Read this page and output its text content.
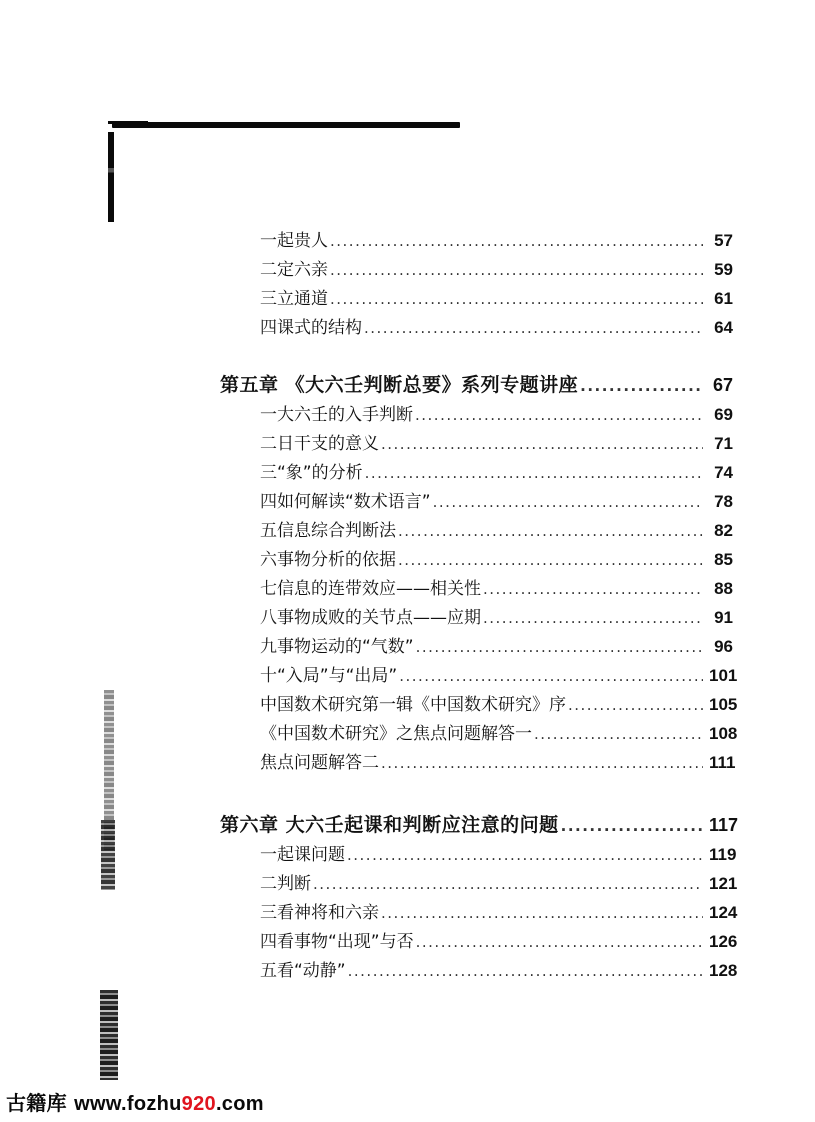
一 起贵人 .....	57
二 定六亲 .....	59
三 立通道 .....	61
四 课式的结构 .....	64
第五章 《大六壬判断总要》系列专题讲座 .....	67
一 大六壬的入手判断 .....	69
二 日干支的意义 .....	71
三 “象”的分析 .....	74
四 如何解读“数术语言” .....	78
五 信息综合判断法 .....	82
六 事物分析的依据 .....	85
七 信息的连带效应——相关性 .....	88
八 事物成败的关节点——应期 .....	91
九 事物运动的“气数” .....	96
十 “入局”与“出局” .....	101
中国数术研究第一辑《中国数术研究》序 .....	105
《中国数术研究》之焦点问题解答一 .....	108
焦点问题解答二 .....	111
第六章 大六壬起课和判断应注意的问题 .....	117
一 起课问题 .....	119
二 判断 .....	121
三 看神将和六亲 .....	124
四 看事物“出现”与否 .....	126
五 看“动静” .....	128
古籍库 www.fozhu920.com
